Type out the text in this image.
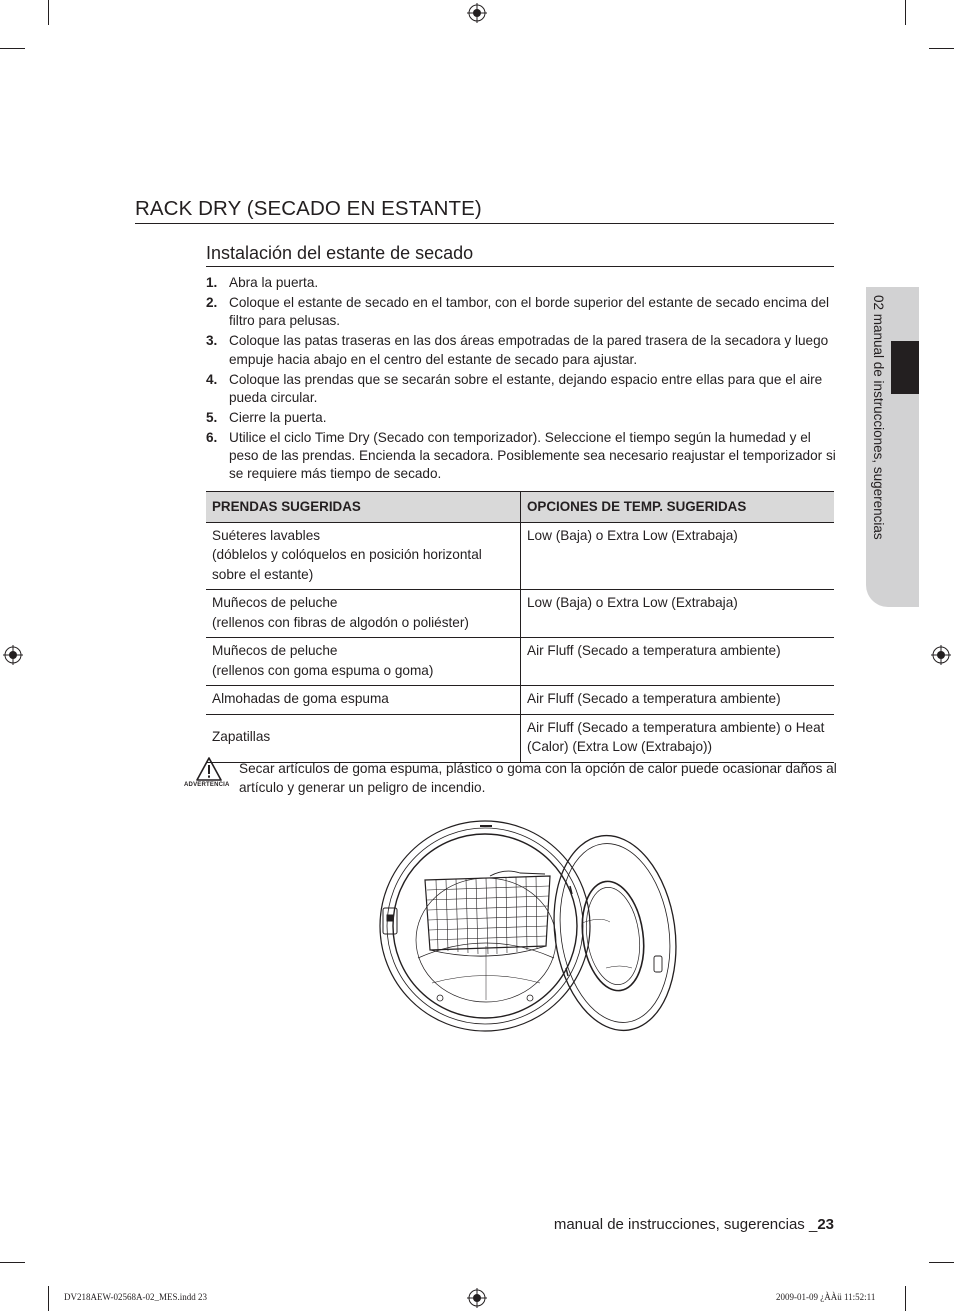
02 manual de instrucciones, sugerencias
RACK DRY (SECADO EN ESTANTE)
Instalación del estante de secado
1. Abra la puerta.
2. Coloque el estante de secado en el tambor, con el borde superior del estante de secado encima del filtro para pelusas.
3. Coloque las patas traseras en las dos áreas empotradas de la pared trasera de la secadora y luego empuje hacia abajo en el centro del estante de secado para ajustar.
4. Coloque las prendas que se secarán sobre el estante, dejando espacio entre ellas para que el aire pueda circular.
5. Cierre la puerta.
6. Utilice el ciclo Time Dry (Secado con temporizador). Seleccione el tiempo según la humedad y el peso de las prendas. Encienda la secadora. Posiblemente sea necesario reajustar el temporizador si se requiere más tiempo de secado.
PRENDAS SUGERIDAS	OPCIONES DE TEMP. SUGERIDAS

Suéteres lavables
(dóblelos y colóquelos en posición horizontal sobre el estante)	Low (Baja) o Extra Low (Extrabaja)

Muñecos de peluche
(rellenos con fibras de algodón o poliéster)	Low (Baja) o Extra Low (Extrabaja)

Muñecos de peluche
(rellenos con goma espuma o goma)	Air Fluff (Secado a temperatura ambiente)

Almohadas de goma espuma	Air Fluff (Secado a temperatura ambiente)

Zapatillas	Air Fluff (Secado a temperatura ambiente) o Heat (Calor) (Extra Low (Extrabajo))
ADVERTENCIA
Secar artículos de goma espuma, plástico o goma con la opción de calor puede ocasionar daños al artículo y generar un peligro de incendio.
manual de instrucciones, sugerencias _23
DV218AEW-02568A-02_MES.indd 23	2009-01-09 ¿ÀÀü 11:52:11
